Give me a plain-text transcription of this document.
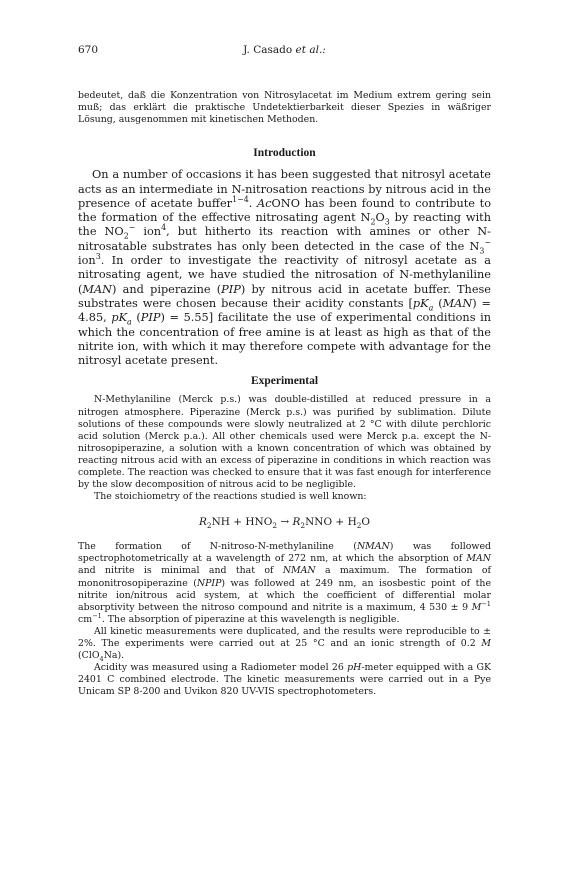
670	J. Casado et al.:

bedeutet, daß die Konzentration von Nitrosylacetat im Medium extrem gering sein muß; das erklärt die praktische Undetektierbarkeit dieser Spezies in wäßriger Lösung, ausgenommen mit kinetischen Methoden.

Introduction

On a number of occasions it has been suggested that nitrosyl acetate acts as an intermediate in N-nitrosation reactions by nitrous acid in the presence of acetate buffer$^{1-4}$. AcONO has been found to contribute to the formation of the effective nitrosating agent $N_2O_3$ by reacting with the $NO_2^-$ ion$^4$, but hitherto its reaction with amines or other N-nitrosatable substrates has only been detected in the case of the $N_3^-$ ion$^3$. In order to investigate the reactivity of nitrosyl acetate as a nitrosating agent, we have studied the nitrosation of N-methylaniline (MAN) and piperazine (PIP) by nitrous acid in acetate buffer. These substrates were chosen because their acidity constants [$pK_a$ (MAN) = 4.85, $pK_a$ (PIP) = 5.55] facilitate the use of experimental conditions in which the concentration of free amine is at least as high as that of the nitrite ion, with which it may therefore compete with advantage for the nitrosyl acetate present.

Experimental

N-Methylaniline (Merck p.s.) was double-distilled at reduced pressure in a nitrogen atmosphere. Piperazine (Merck p.s.) was purified by sublimation. Dilute solutions of these compounds were slowly neutralized at 2 °C with dilute perchloric acid solution (Merck p.a.). All other chemicals used were Merck p.a. except the N-nitrosopiperazine, a solution with a known concentration of which was obtained by reacting nitrous acid with an excess of piperazine in conditions in which reaction was complete. The reaction was checked to ensure that it was fast enough for interference by the slow decomposition of nitrous acid to be negligible.

The stoichiometry of the reactions studied is well known:

$R_2NH + HNO_2 \to R_2NNO + H_2O$

The formation of N-nitroso-N-methylaniline (NMAN) was followed spectrophotometrically at a wavelength of 272 nm, at which the absorption of MAN and nitrite is minimal and that of NMAN a maximum. The formation of mononitrosopiperazine (NPIP) was followed at 249 nm, an isosbestic point of the nitrite ion/nitrous acid system, at which the coefficient of differential molar absorptivity between the nitroso compound and nitrite is a maximum, 4 530 ± 9 $M^{-1}$ $cm^{-1}$. The absorption of piperazine at this wavelength is negligible.

All kinetic measurements were duplicated, and the results were reproducible to ± 2%. The experiments were carried out at 25 °C and an ionic strength of 0.2 M (ClO$_4$Na).

Acidity was measured using a Radiometer model 26 pH-meter equipped with a GK 2401 C combined electrode. The kinetic measurements were carried out in a Pye Unicam SP 8-200 and Uvikon 820 UV-VIS spectrophotometers.
